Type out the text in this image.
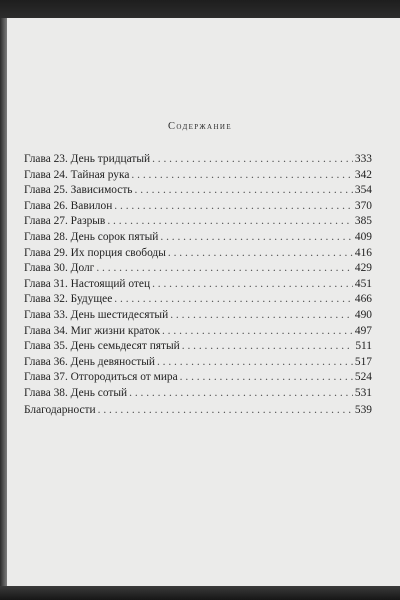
Содержание
Глава 23. День тридцатый . . .	333
Глава 24. Тайная рука . . .	342
Глава 25. Зависимость . . .	354
Глава 26. Вавилон . . .	370
Глава 27. Разрыв . . .	385
Глава 28. День сорок пятый . . .	409
Глава 29. Их порция свободы . . .	416
Глава 30. Долг . . .	429
Глава 31. Настоящий отец . . .	451
Глава 32. Будущее . . .	466
Глава 33. День шестидесятый . . .	490
Глава 34. Миг жизни краток . . .	497
Глава 35. День семьдесят пятый . . .	511
Глава 36. День девяностый . . .	517
Глава 37. Отгородиться от мира . . .	524
Глава 38. День сотый . . .	531
Благодарности . . .	539
